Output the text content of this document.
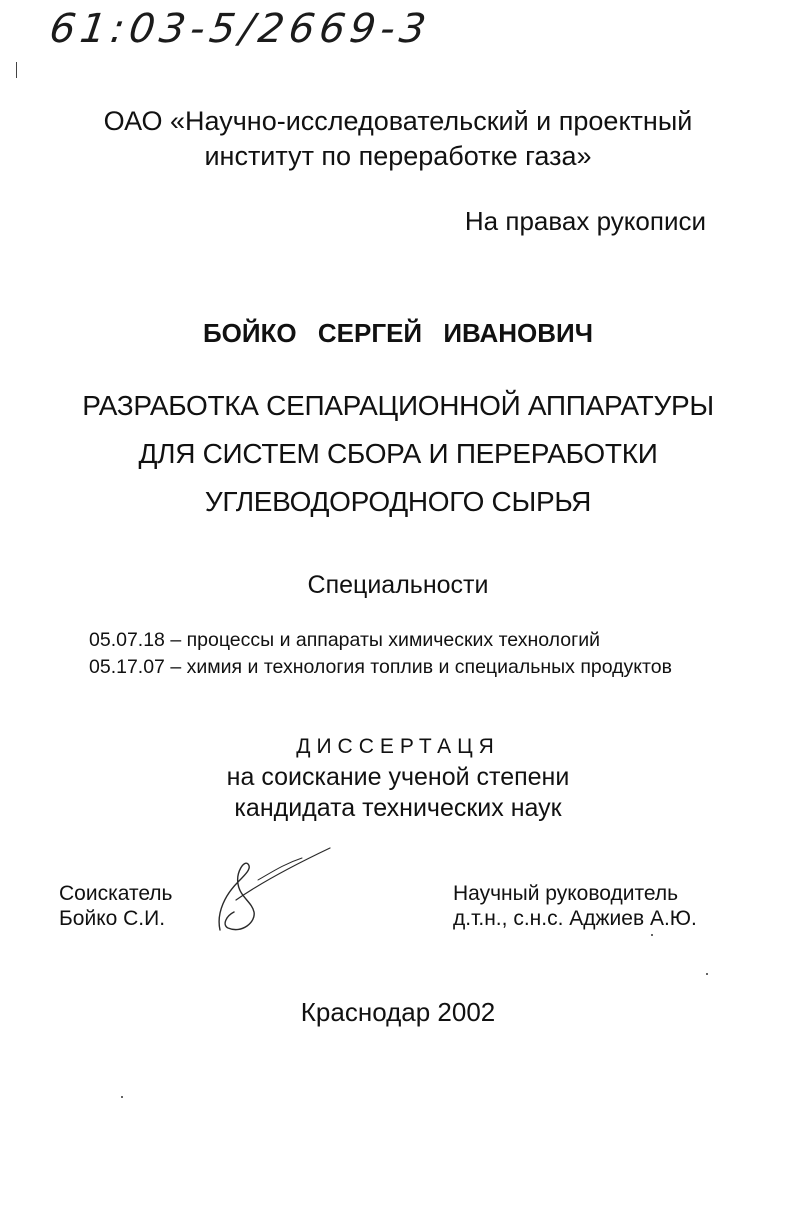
61:03-5/2669-3
ОАО «Научно-исследовательский и проектный
институт по переработке газа»
На правах рукописи
БОЙКО СЕРГЕЙ ИВАНОВИЧ
РАЗРАБОТКА СЕПАРАЦИОННОЙ АППАРАТУРЫ
ДЛЯ СИСТЕМ СБОРА И ПЕРЕРАБОТКИ
УГЛЕВОДОРОДНОГО СЫРЬЯ
Специальности
05.07.18 – процессы и аппараты химических технологий
05.17.07 – химия и технология топлив и специальных продуктов
ДИССЕРТАЦЯ
на соискание ученой степени
кандидата технических наук
Соискатель
Бойко С.И.
Научный руководитель
д.т.н., с.н.с. Аджиев А.Ю.
Краснодар 2002
